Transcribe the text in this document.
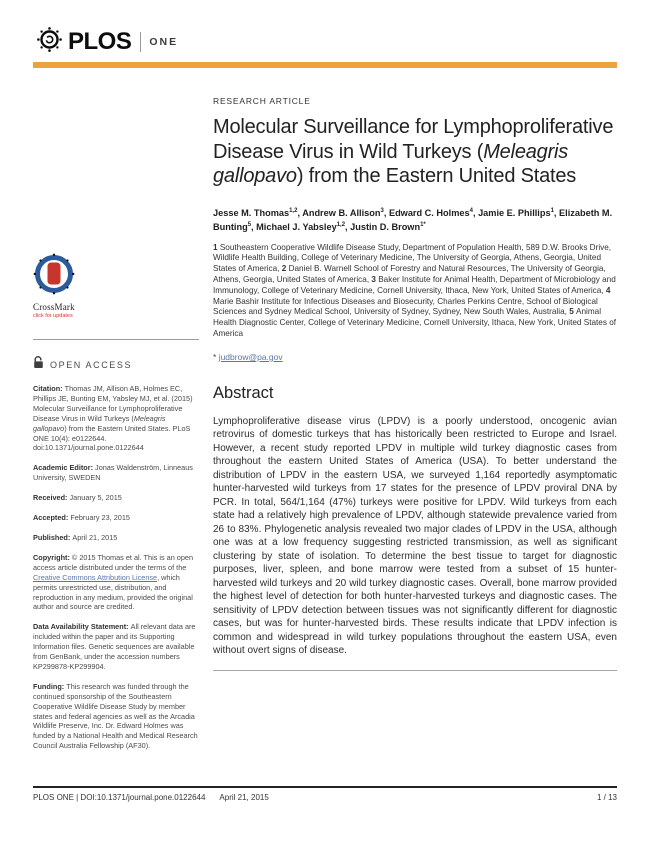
PLOS ONE
CrossMark
click for updates
OPEN ACCESS

Citation: Thomas JM, Allison AB, Holmes EC, Phillips JE, Bunting EM, Yabsley MJ, et al. (2015) Molecular Surveillance for Lymphoproliferative Disease Virus in Wild Turkeys (Meleagris gallopavo) from the Eastern United States. PLoS ONE 10(4): e0122644. doi:10.1371/journal.pone.0122644

Academic Editor: Jonas Waldenström, Linneaus University, SWEDEN

Received: January 5, 2015

Accepted: February 23, 2015

Published: April 21, 2015

Copyright: © 2015 Thomas et al. This is an open access article distributed under the terms of the Creative Commons Attribution License, which permits unrestricted use, distribution, and reproduction in any medium, provided the original author and source are credited.

Data Availability Statement: All relevant data are included within the paper and its Supporting Information files. Genetic sequences are available from GenBank, under the accession numbers KP299878-KP299904.

Funding: This research was funded through the continued sponsorship of the Southeastern Cooperative Wildlife Disease Study by member states and federal agencies as well as the Arcadia Wildlife Preserve, Inc. Dr. Edward Holmes was funded by a National Health and Medical Research Council Australia Fellowship (AF30).

RESEARCH ARTICLE
Molecular Surveillance for Lymphoproliferative Disease Virus in Wild Turkeys (Meleagris gallopavo) from the Eastern United States
Jesse M. Thomas$^{1,2}$, Andrew B. Allison$^3$, Edward C. Holmes$^4$, Jamie E. Phillips$^1$, Elizabeth M. Bunting$^5$, Michael J. Yabsley$^{1,2}$, Justin D. Brown$^{1*}$
1 Southeastern Cooperative Wildlife Disease Study, Department of Population Health, 589 D.W. Brooks Drive, Wildlife Health Building, College of Veterinary Medicine, The University of Georgia, Athens, Georgia, United States of America, 2 Daniel B. Warnell School of Forestry and Natural Resources, The University of Georgia, Athens, Georgia, United States of America, 3 Baker Institute for Animal Health, Department of Microbiology and Immunology, College of Veterinary Medicine, Cornell University, Ithaca, New York, United States of America, 4 Marie Bashir Institute for Infectious Diseases and Biosecurity, Charles Perkins Centre, School of Biological Sciences and Sydney Medical School, University of Sydney, Sydney, New South Wales, Australia, 5 Animal Health Diagnostic Center, College of Veterinary Medicine, Cornell University, Ithaca, New York, United States of America
* judbrow@pa.gov
Abstract
Lymphoproliferative disease virus (LPDV) is a poorly understood, oncogenic avian retrovirus of domestic turkeys that has historically been restricted to Europe and Israel. However, a recent study reported LPDV in multiple wild turkey diagnostic cases from throughout the eastern United States of America (USA). To better understand the distribution of LPDV in the eastern USA, we surveyed 1,164 reportedly asymptomatic hunter-harvested wild turkeys from 17 states for the presence of LPDV proviral DNA by PCR. In total, 564/1,164 (47%) turkeys were positive for LPDV. Wild turkeys from each state had a relatively high prevalence of LPDV, although statewide prevalence varied from 26 to 83%. Phylogenetic analysis revealed two major clades of LPDV in the USA, although one was at a low frequency suggesting restricted transmission, as well as significant clustering by state of isolation. To determine the best tissue to target for diagnostic purposes, liver, spleen, and bone marrow were tested from a subset of 15 hunter-harvested wild turkeys and 20 wild turkey diagnostic cases. Overall, bone marrow provided the highest level of detection for both hunter-harvested turkeys and diagnostic cases. The sensitivity of LPDV detection between tissues was not significantly different for diagnostic cases, but was for hunter-harvested birds. These results indicate that LPDV infection is common and widespread in wild turkey populations throughout the eastern USA, even without overt signs of disease.
PLOS ONE | DOI:10.1371/journal.pone.0122644 April 21, 2015	1 / 13
